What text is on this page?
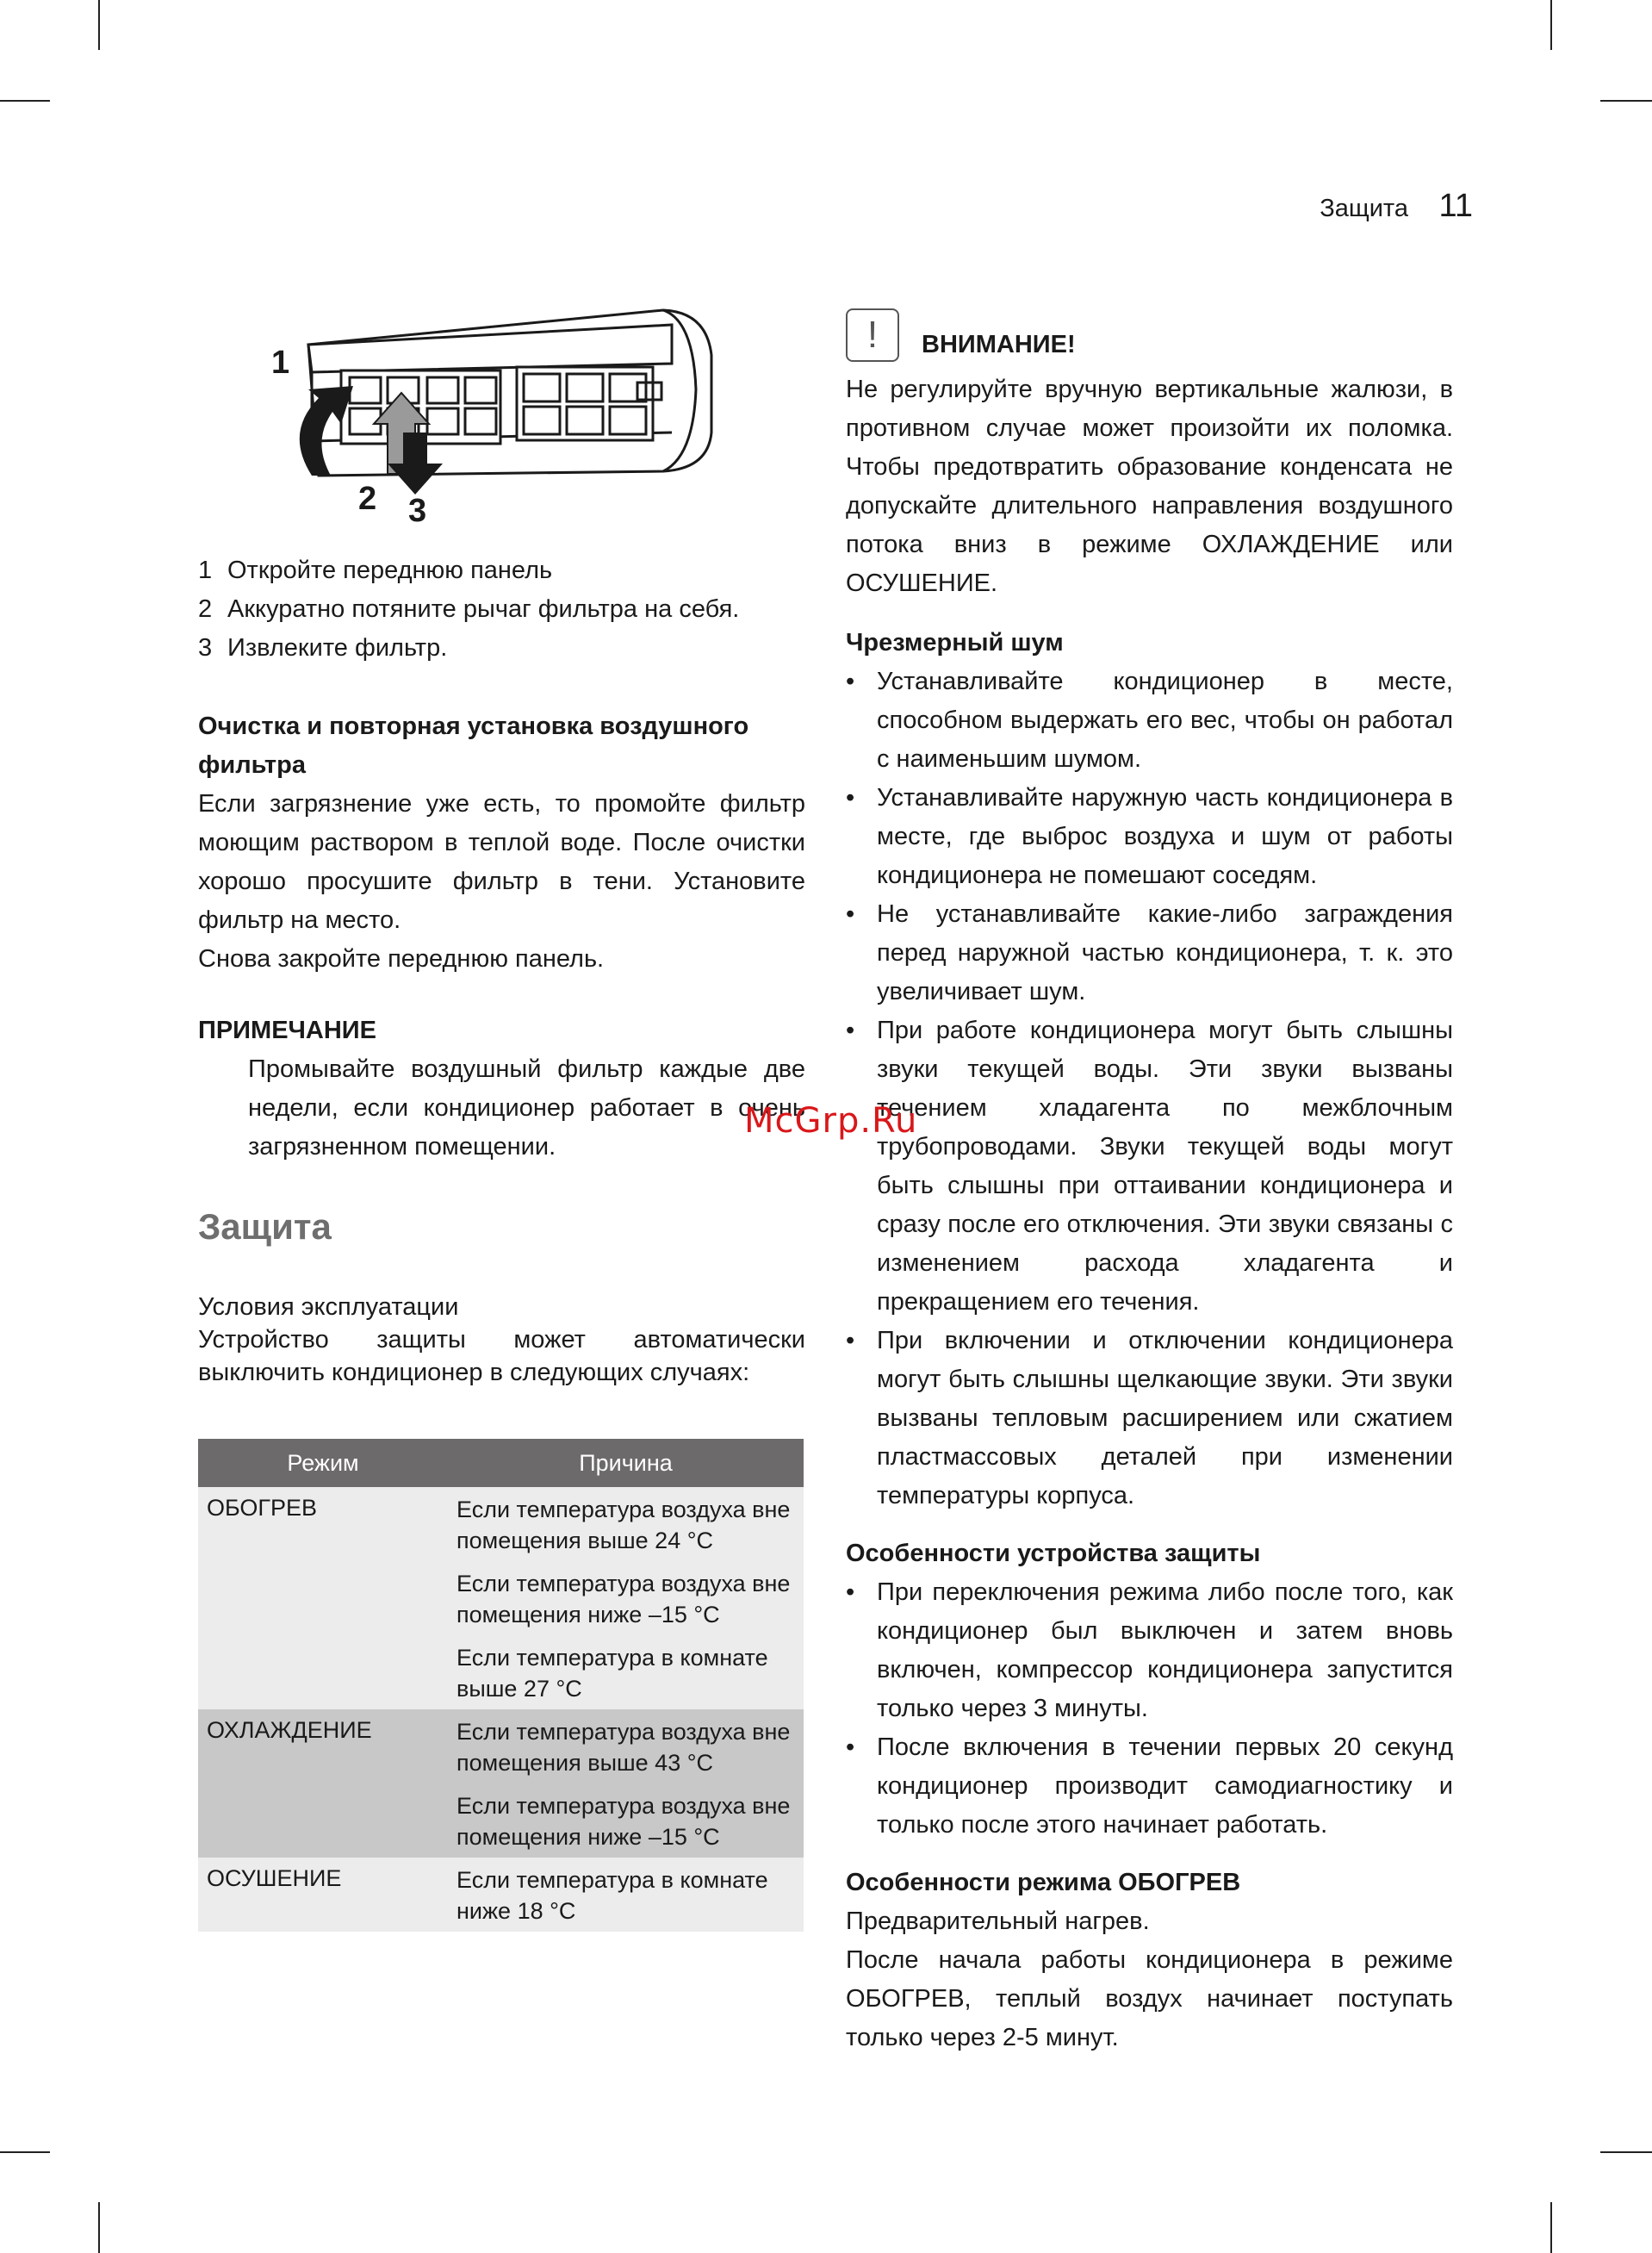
Защита 11
1
2 3
1 Откройте переднюю панель
2 Аккуратно потяните рычаг фильтра на себя.
3 Извлеките фильтр.

Очистка и повторная установка воздушного фильтра

Если загрязнение уже есть, то промойте фильтр моющим раствором в теплой воде. После очистки хорошо просушите фильтр в тени. Установите фильтр на место.

Снова закройте переднюю панель.

ПРИМЕЧАНИЕ

Промывайте воздушный фильтр каждые две недели, если кондиционер работает в очень загрязненном помещении.

Защита

Условия эксплуатации

Устройство защиты может автоматически выключить кондиционер в следующих случаях:

Режим	Причина
ОБОГРЕВ	Если температура воздуха вне помещения выше 24 °C
	Если температура воздуха вне помещения ниже –15 °C
	Если температура в комнате выше 27 °C
ОХЛАЖДЕНИЕ	Если температура воздуха вне помещения выше 43 °C
	Если температура воздуха вне помещения ниже –15 °C
ОСУШЕНИЕ	Если температура в комнате ниже 18 °C
!	ВНИМАНИЕ!

Не регулируйте вручную вертикальные жалюзи, в противном случае может произойти их поломка. Чтобы предотвратить образование конденсата не допускайте длительного направления воздушного потока вниз в режиме ОХЛАЖДЕНИЕ или ОСУШЕНИЕ.

Чрезмерный шум

• Устанавливайте кондиционер в месте, способном выдержать его вес, чтобы он работал с наименьшим шумом.
• Устанавливайте наружную часть кондиционера в месте, где выброс воздуха и шум от работы кондиционера не помешают соседям.
• Не устанавливайте какие-либо заграждения перед наружной частью кондиционера, т. к. это увеличивает шум.
• При работе кондиционера могут быть слышны звуки текущей воды. Эти звуки вызваны течением хладагента по межблочным трубопроводами. Звуки текущей воды могут быть слышны при оттаивании кондиционера и сразу после его отключения. Эти звуки связаны с изменением расхода хладагента и прекращением его течения.
• При включении и отключении кондиционера могут быть слышны щелкающие звуки. Эти звуки вызваны тепловым расширением или сжатием пластмассовых деталей при изменении температуры корпуса.

Особенности устройства защиты

• При переключения режима либо после того, как кондиционер был выключен и затем вновь включен, компрессор кондиционера запустится только через 3 минуты.
• После включения в течении первых 20 секунд кондиционер производит самодиагностику и только после этого начинает работать.

Особенности режима ОБОГРЕВ

Предварительный нагрев.

После начала работы кондиционера в режиме ОБОГРЕВ, теплый воздух начинает поступать только через 2-5 минут.

McGrp.Ru
